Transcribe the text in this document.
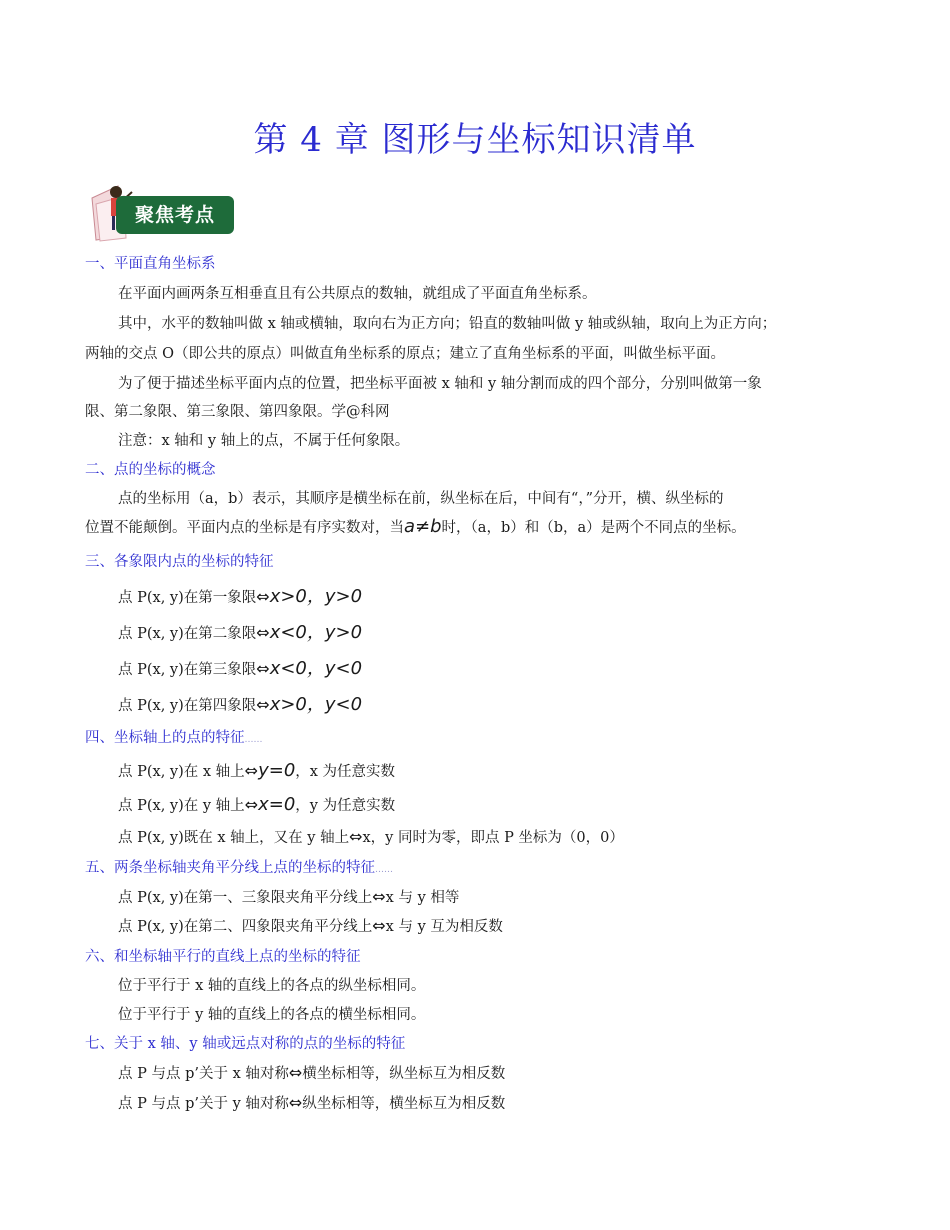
第 4 章 图形与坐标知识清单
聚焦考点
一、平面直角坐标系
在平面内画两条互相垂直且有公共原点的数轴，就组成了平面直角坐标系。
其中，水平的数轴叫做 x 轴或横轴，取向右为正方向；铅直的数轴叫做 y 轴或纵轴，取向上为正方向；
两轴的交点 O（即公共的原点）叫做直角坐标系的原点；建立了直角坐标系的平面，叫做坐标平面。
为了便于描述坐标平面内点的位置，把坐标平面被 x 轴和 y 轴分割而成的四个部分，分别叫做第一象
限、第二象限、第三象限、第四象限。学@科网
注意：x 轴和 y 轴上的点，不属于任何象限。
二、点的坐标的概念
点的坐标用（a，b）表示，其顺序是横坐标在前，纵坐标在后，中间有“，”分开，横、纵坐标的
位置不能颠倒。平面内点的坐标是有序实数对，当a≠b时，（a，b）和（b，a）是两个不同点的坐标。
三、各象限内点的坐标的特征
点 P(x, y)在第一象限⇔x>0，y>0
点 P(x, y)在第二象限⇔x<0，y>0
点 P(x, y)在第三象限⇔x<0，y<0
点 P(x, y)在第四象限⇔x>0，y<0
四、坐标轴上的点的特征……
点 P(x, y)在 x 轴上⇔y=0，x 为任意实数
点 P(x, y)在 y 轴上⇔x=0，y 为任意实数
点 P(x, y)既在 x 轴上，又在 y 轴上⇔x，y 同时为零，即点 P 坐标为（0，0）
五、两条坐标轴夹角平分线上点的坐标的特征……
点 P(x, y)在第一、三象限夹角平分线上⇔x 与 y 相等
点 P(x, y)在第二、四象限夹角平分线上⇔x 与 y 互为相反数
六、和坐标轴平行的直线上点的坐标的特征
位于平行于 x 轴的直线上的各点的纵坐标相同。
位于平行于 y 轴的直线上的各点的横坐标相同。
七、关于 x 轴、y 轴或远点对称的点的坐标的特征
点 P 与点 p’关于 x 轴对称⇔横坐标相等，纵坐标互为相反数
点 P 与点 p’关于 y 轴对称⇔纵坐标相等，横坐标互为相反数
